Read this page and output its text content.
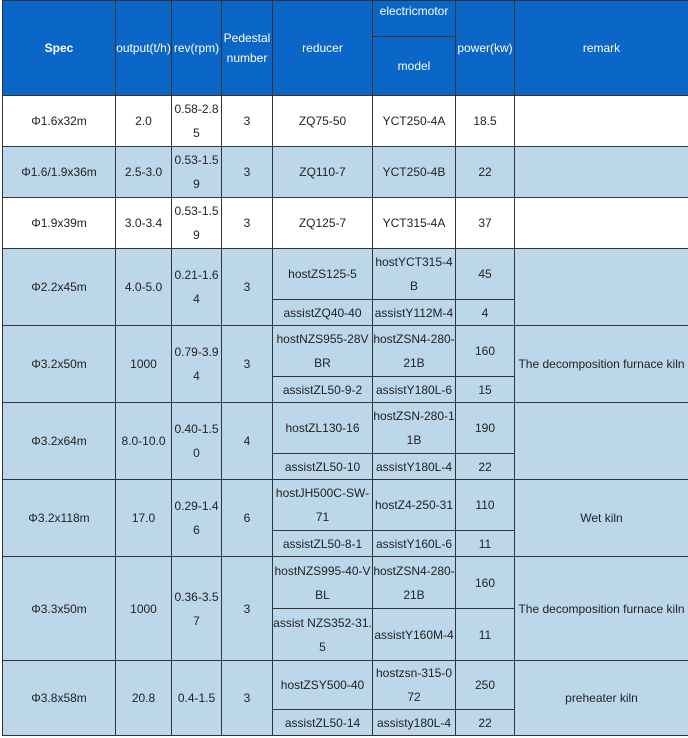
Spec	output(t/h)	rev(rpm)	Pedestal number	reducer	electricmotor	power(kw)	remark
					model		
Φ1.6x32m	2.0	0.58-2.85	3	ZQ75-50	YCT250-4A	18.5	
Φ1.6/1.9x36m	2.5-3.0	0.53-1.59	3	ZQ110-7	YCT250-4B	22	
Φ1.9x39m	3.0-3.4	0.53-1.59	3	ZQ125-7	YCT315-4A	37	
Φ2.2x45m	4.0-5.0	0.21-1.64	3	hostZS125-5	hostYCT315-4B	45	
				assistZQ40-40	assistY112M-4	4	
Φ3.2x50m	1000	0.79-3.94	3	hostNZS955-28VBR	hostZSN4-280-21B	160	The decomposition furnace kiln
				assistZL50-9-2	assistY180L-6	15	
Φ3.2x64m	8.0-10.0	0.40-1.50	4	hostZL130-16	hostZSN-280-11B	190	
				assistZL50-10	assistY180L-4	22	
Φ3.2x118m	17.0	0.29-1.46	6	hostJH500C-SW-71	hostZ4-250-31	110	Wet kiln
				assistZL50-8-1	assistY160L-6	11	
Φ3.3x50m	1000	0.36-3.57	3	hostNZS995-40-VBL	hostZSN4-280-21B	160	The decomposition furnace kiln
				assist NZS352-31.5	assistY160M-4	11	
Φ3.8x58m	20.8	0.4-1.5	3	hostZSY500-40	hostzsn-315-072	250	preheater kiln
				assistZL50-14	assisty180L-4	22	
